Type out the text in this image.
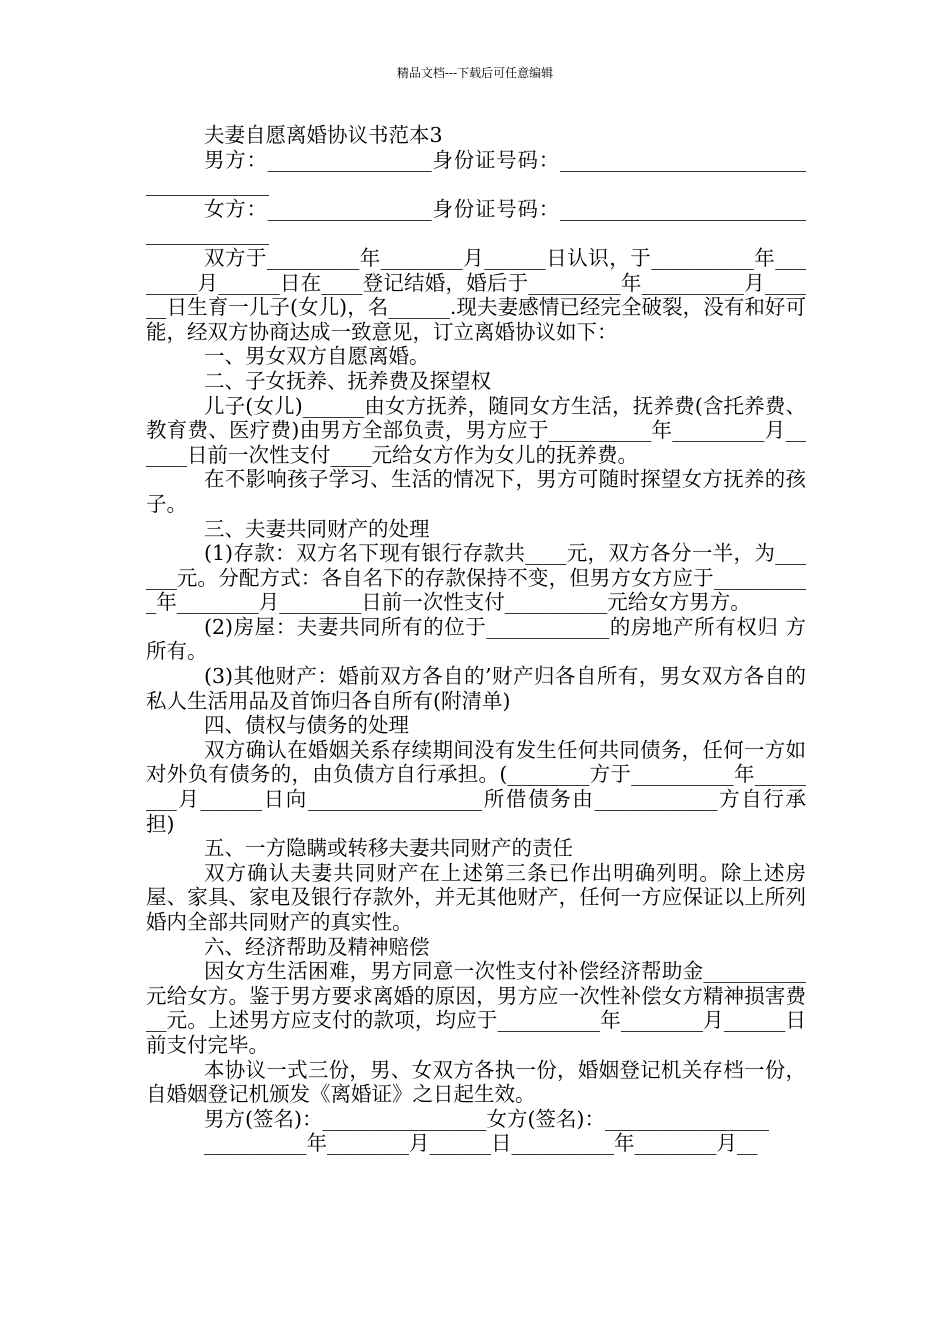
精品文档---下载后可任意编辑

夫妻自愿离婚协议书范本3

男方：________________身份证号码：____________________________________

女方：________________身份证号码：____________________________________

双方于_________年________月______日认识，于__________年________月______日在____登记结婚，婚后于_________年__________月______日生育一儿子(女儿)，名______.现夫妻感情已经完全破裂，没有和好可能，经双方协商达成一致意见，订立离婚协议如下：

一、男女双方自愿离婚。

二、子女抚养、抚养费及探望权

儿子(女儿)______由女方抚养，随同女方生活，抚养费(含托养费、教育费、医疗费)由男方全部负责，男方应于__________年_________月______日前一次性支付____元给女方作为女儿的抚养费。

在不影响孩子学习、生活的情况下，男方可随时探望女方抚养的孩子。

三、夫妻共同财产的处理

(1)存款：双方名下现有银行存款共____元，双方各分一半，为______元。分配方式：各自名下的存款保持不变，但男方女方应于__________年________月________日前一次性支付__________元给女方男方。

(2)房屋：夫妻共同所有的位于____________的房地产所有权归 方所有。

(3)其他财产：婚前双方各自的’财产归各自所有，男女双方各自的私人生活用品及首饰归各自所有(附清单)

四、债权与债务的处理

双方确认在婚姻关系存续期间没有发生任何共同债务，任何一方如对外负有债务的，由负债方自行承担。(________方于__________年________月______日向_________________所借债务由____________方自行承担)

五、一方隐瞒或转移夫妻共同财产的责任

双方确认夫妻共同财产在上述第三条已作出明确列明。除上述房屋、家具、家电及银行存款外，并无其他财产，任何一方应保证以上所列婚内全部共同财产的真实性。

六、经济帮助及精神赔偿

因女方生活困难，男方同意一次性支付补偿经济帮助金__________元给女方。鉴于男方要求离婚的原因，男方应一次性补偿女方精神损害费__元。上述男方应支付的款项，均应于__________年________月______日前支付完毕。

本协议一式三份，男、女双方各执一份，婚姻登记机关存档一份，自婚姻登记机颁发《离婚证》之日起生效。

男方(签名)：________________女方(签名)：________________

__________年________月______日__________年________月__
